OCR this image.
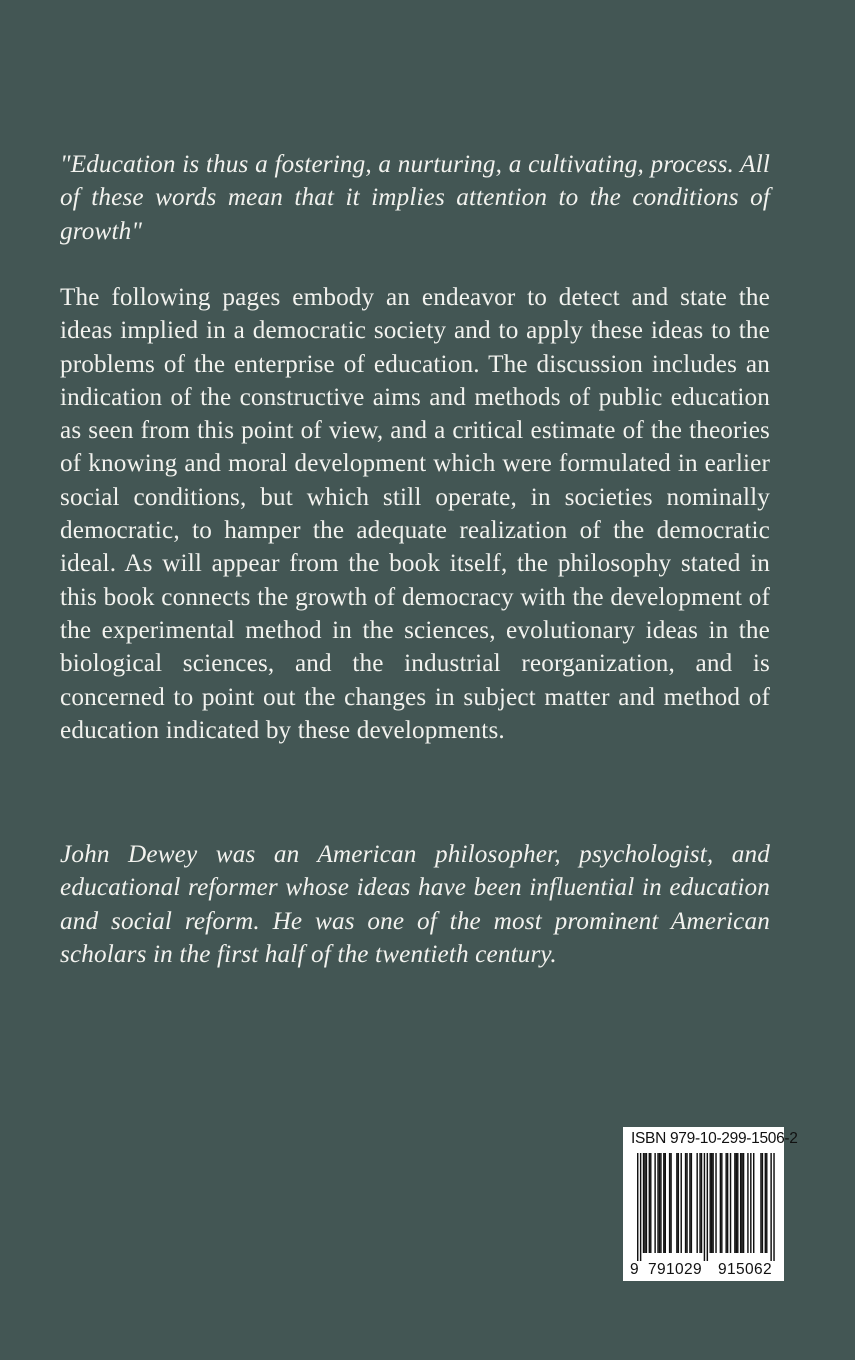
"Education is thus a fostering, a nurturing, a cultivating, process. All of these words mean that it implies attention to the conditions of growth"

The following pages embody an endeavor to detect and state the ideas implied in a democratic society and to apply these ideas to the problems of the enterprise of education. The discussion includes an indication of the constructive aims and methods of public education as seen from this point of view, and a critical estimate of the theories of knowing and moral development which were formulated in earlier social conditions, but which still operate, in societies nominally democratic, to hamper the adequate realization of the democratic ideal. As will appear from the book itself, the philosophy stated in this book connects the growth of democracy with the development of the experimental method in the sciences, evolutionary ideas in the biological sciences, and the industrial reorganization, and is concerned to point out the changes in subject matter and method of education indicated by these developments.

John Dewey was an American philosopher, psychologist, and educational reformer whose ideas have been influential in education and social reform. He was one of the most prominent American scholars in the first half of the twentieth century.

ISBN 979-10-299-1506-2
9 791029	915062
